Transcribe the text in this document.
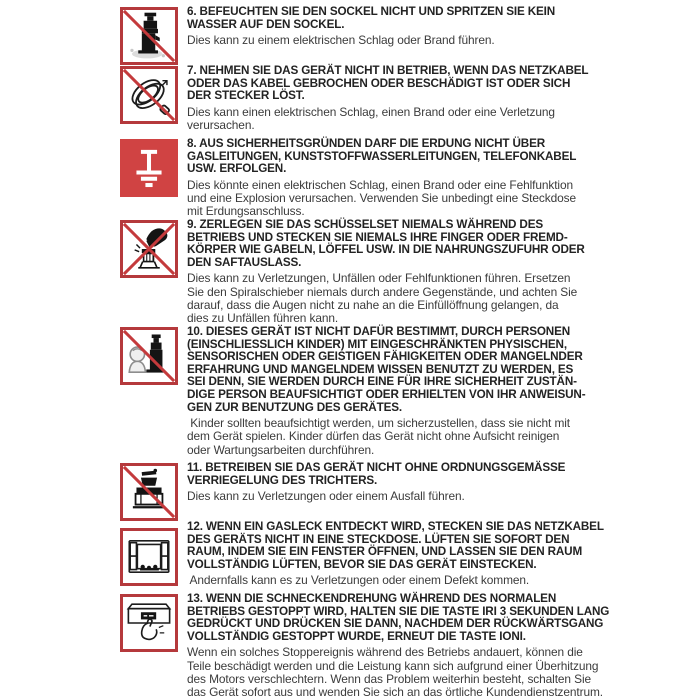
6. BEFEUCHTEN SIE DEN SOCKEL NICHT UND SPRITZEN SIE KEIN
WASSER AUF DEN SOCKEL.
Dies kann zu einem elektrischen Schlag oder Brand führen.
7. NEHMEN SIE DAS GERÄT NICHT IN BETRIEB, WENN DAS NETZKABEL
ODER DAS KABEL GEBROCHEN ODER BESCHÄDIGT IST ODER SICH
DER STECKER LÖST.
Dies kann einen elektrischen Schlag, einen Brand oder eine Verletzung
verursachen.
8. AUS SICHERHEITSGRÜNDEN DARF DIE ERDUNG NICHT ÜBER
GASLEITUNGEN, KUNSTSTOFFWASSERLEITUNGEN, TELEFONKABEL
USW. ERFOLGEN.
Dies könnte einen elektrischen Schlag, einen Brand oder eine Fehlfunktion
und eine Explosion verursachen. Verwenden Sie unbedingt eine Steckdose
mit Erdungsanschluss.
9. ZERLEGEN SIE DAS SCHÜSSELSET NIEMALS WÄHREND DES
BETRIEBS UND STECKEN SIE NIEMALS IHRE FINGER ODER FREMD-
KÖRPER WIE GABELN, LÖFFEL USW. IN DIE NAHRUNGSZUFUHR ODER
DEN SAFTAUSLASS.
Dies kann zu Verletzungen, Unfällen oder Fehlfunktionen führen. Ersetzen
Sie den Spiralschieber niemals durch andere Gegenstände, und achten Sie
darauf, dass die Augen nicht zu nahe an die Einfüllöffnung gelangen, da
dies zu Unfällen führen kann.
10. DIESES GERÄT IST NICHT DAFÜR BESTIMMT, DURCH PERSONEN
(EINSCHLIESSLICH KINDER) MIT EINGESCHRÄNKTEN PHYSISCHEN,
SENSORISCHEN ODER GEISTIGEN FÄHIGKEITEN ODER MANGELNDER
ERFAHRUNG UND MANGELNDEM WISSEN BENUTZT ZU WERDEN, ES
SEI DENN, SIE WERDEN DURCH EINE FÜR IHRE SICHERHEIT ZUSTÄN-
DIGE PERSON BEAUFSICHTIGT ODER ERHIELTEN VON IHR ANWEISUN-
GEN ZUR BENUTZUNG DES GERÄTES.
Kinder sollten beaufsichtigt werden, um sicherzustellen, dass sie nicht mit
dem Gerät spielen. Kinder dürfen das Gerät nicht ohne Aufsicht reinigen
oder Wartungsarbeiten durchführen.
11. BETREIBEN SIE DAS GERÄT NICHT OHNE ORDNUNGSGEMÄSSE
VERRIEGELUNG DES TRICHTERS.
Dies kann zu Verletzungen oder einem Ausfall führen.
12. WENN EIN GASLECK ENTDECKT WIRD, STECKEN SIE DAS NETZKABEL
DES GERÄTS NICHT IN EINE STECKDOSE. LÜFTEN SIE SOFORT DEN
RAUM, INDEM SIE EIN FENSTER ÖFFNEN, UND LASSEN SIE DEN RAUM
VOLLSTÄNDIG LÜFTEN, BEVOR SIE DAS GERÄT EINSTECKEN.
Andernfalls kann es zu Verletzungen oder einem Defekt kommen.
13. WENN DIE SCHNECKENDREHUNG WÄHREND DES NORMALEN
BETRIEBS GESTOPPT WIRD, HALTEN SIE DIE TASTE IRI 3 SEKUNDEN LANG
GEDRÜCKT UND DRÜCKEN SIE DANN, NACHDEM DER RÜCKWÄRTSGANG
VOLLSTÄNDIG GESTOPPT WURDE, ERNEUT DIE TASTE IONI.
Wenn ein solches Stoppereignis während des Betriebs andauert, können die
Teile beschädigt werden und die Leistung kann sich aufgrund einer Überhitzung
des Motors verschlechtern. Wenn das Problem weiterhin besteht, schalten Sie
das Gerät sofort aus und wenden Sie sich an das örtliche Kundendienstzentrum.
